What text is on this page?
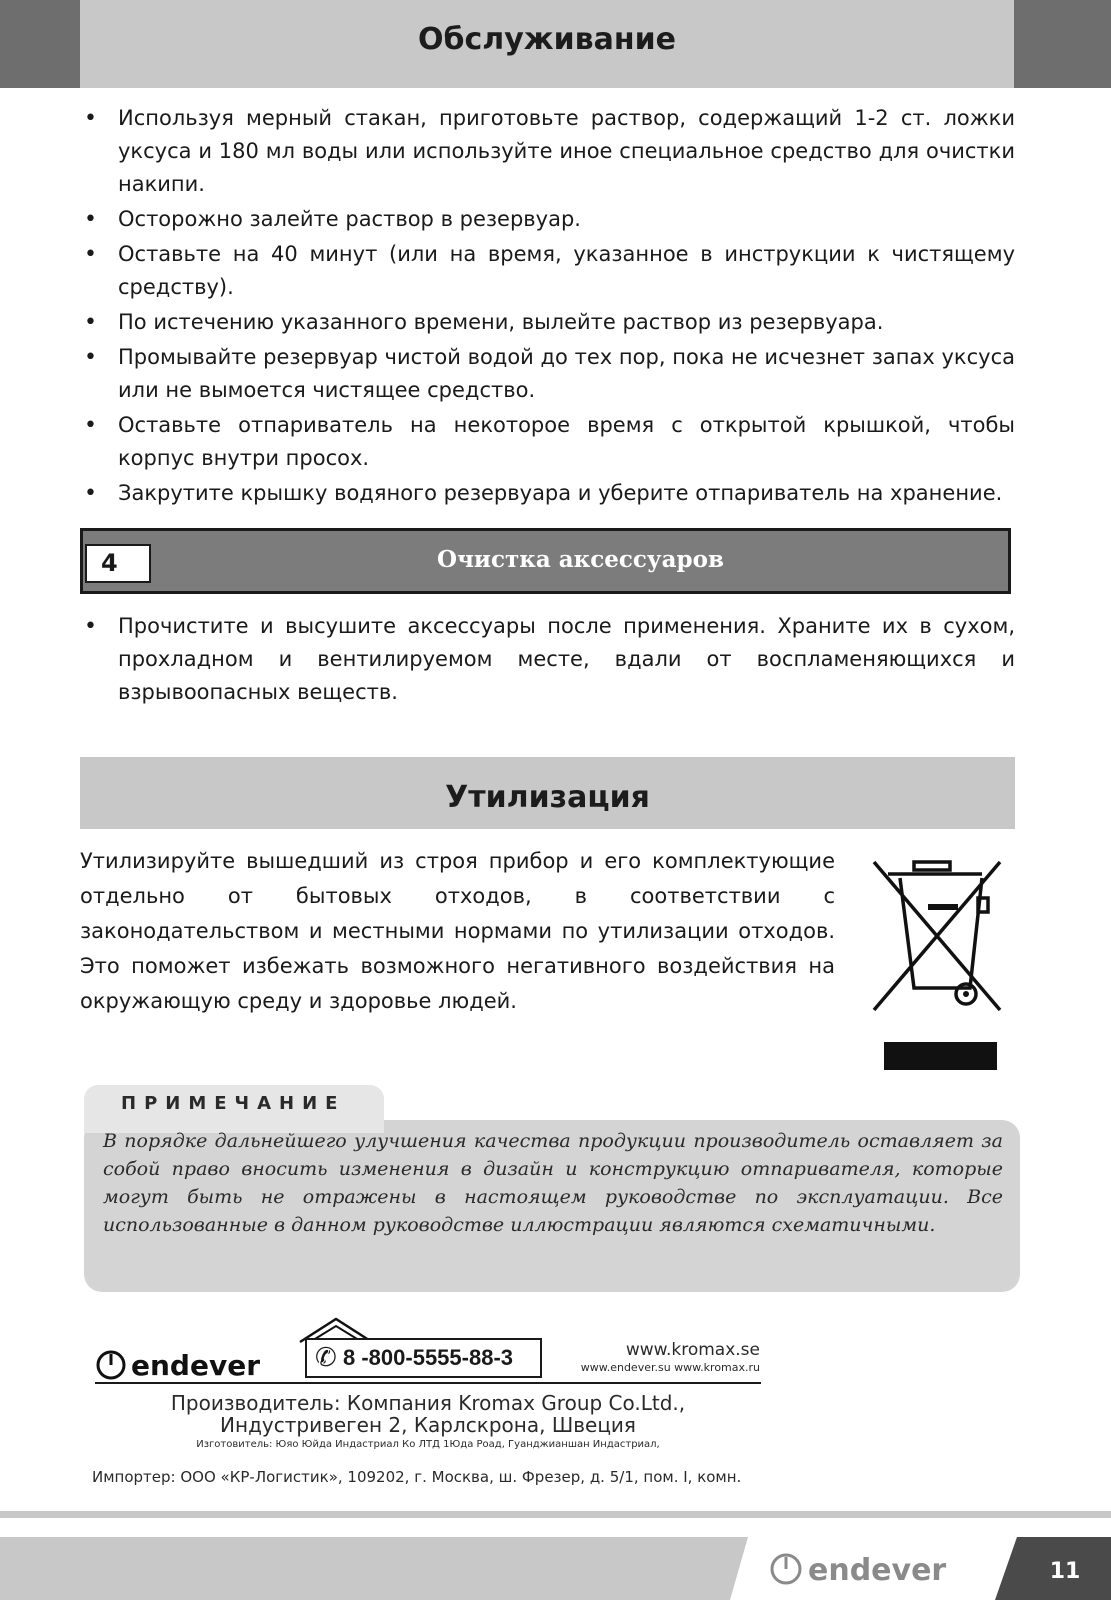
Обслуживание
• Используя мерный стакан, приготовьте раствор, содержащий 1-2 ст. ложки уксуса и 180 мл воды или используйте иное специальное средство для очистки накипи.
• Осторожно залейте раствор в резервуар.
• Оставьте на 40 минут (или на время, указанное в инструкции к чистящему средству).
• По истечению указанного времени, вылейте раствор из резервуара.
• Промывайте резервуар чистой водой до тех пор, пока не исчезнет запах уксуса или не вымоется чистящее средство.
• Оставьте отпариватель на некоторое время с открытой крышкой, чтобы корпус внутри просох.
• Закрутите крышку водяного резервуара и уберите отпариватель на хранение.
4	Очистка аксессуаров
• Прочистите и высушите аксессуары после применения. Храните их в сухом, прохладном и вентилируемом месте, вдали от воспламеняющихся и взрывоопасных веществ.
Утилизация
Утилизируйте вышедший из строя прибор и его комплектующие отдельно от бытовых отходов, в соответствии с законодательством и местными нормами по утилизации отходов. Это поможет избежать возможного негативного воздействия на окружающую среду и здоровье людей.
ПРИМЕЧАНИЕ
В порядке дальнейшего улучшения качества продукции производитель оставляет за собой право вносить изменения в дизайн и конструкцию отпаривателя, которые могут быть не отражены в настоящем руководстве по эксплуатации. Все использованные в данном руководстве иллюстрации являются схематичными.
endever ✆ 8 -800-5555-88-3	www.kromax.se
www.endever.su www.kromax.ru
Производитель: Компания Kromax Group Co.Ltd.,
Индустривеген 2, Карлскрона, Швеция
Изготовитель: Юяо Юйда Индастриал Ко ЛТД 1Юда Роад, Гуанджианшан Индастриал,
Импортер: ООО «КР-Логистик», 109202, г. Москва, ш. Фрезер, д. 5/1, пом. I, комн.
endever	11
